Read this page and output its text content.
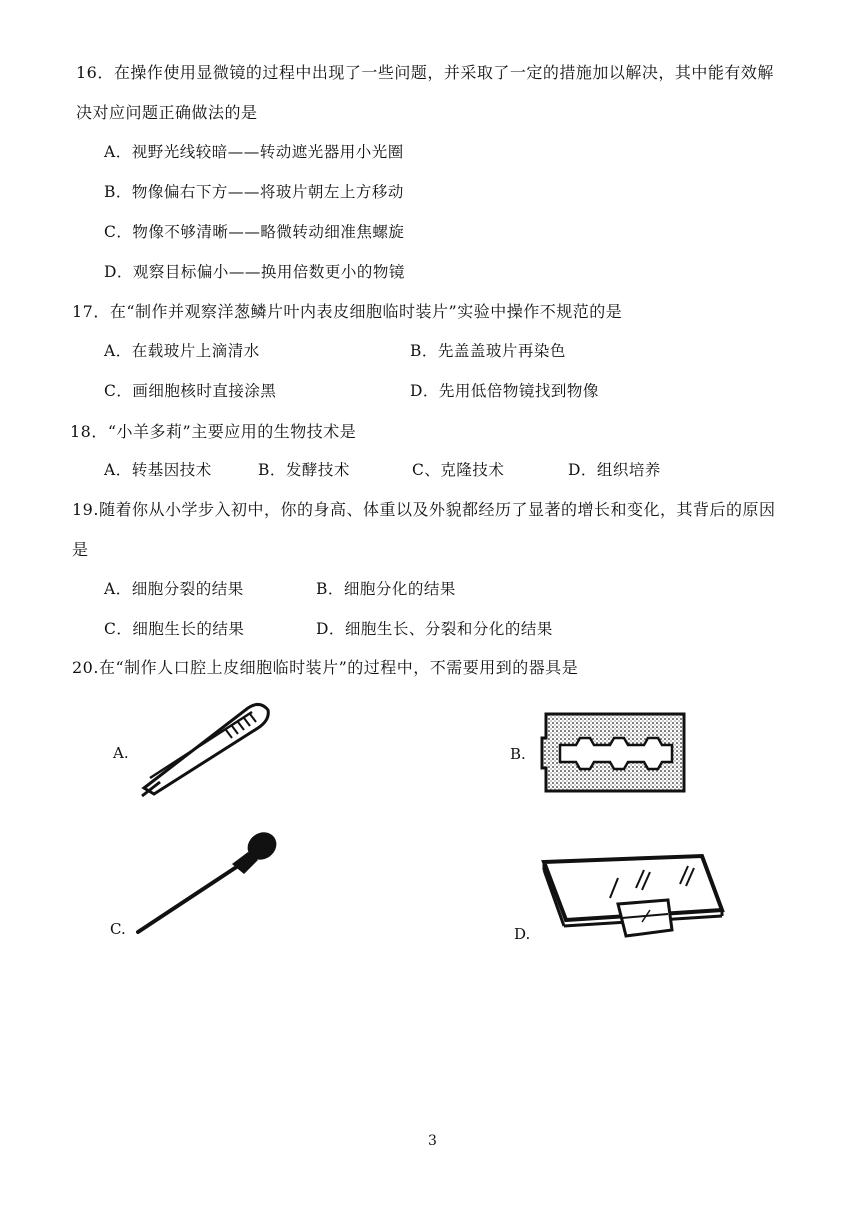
16．在操作使用显微镜的过程中出现了一些问题，并采取了一定的措施加以解决，其中能有效解
决对应问题正确做法的是
A．视野光线较暗——转动遮光器用小光圈
B．物像偏右下方——将玻片朝左上方移动
C．物像不够清晰——略微转动细准焦螺旋
D．观察目标偏小——换用倍数更小的物镜
17．在“制作并观察洋葱鳞片叶内表皮细胞临时装片”实验中操作不规范的是
A．在载玻片上滴清水	B．先盖盖玻片再染色
C．画细胞核时直接涂黑	D．先用低倍物镜找到物像
18．“小羊多莉”主要应用的生物技术是
A．转基因技术	B．发酵技术	C、克隆技术	D．组织培养
19.随着你从小学步入初中，你的身高、体重以及外貌都经历了显著的增长和变化，其背后的原因
是
A．细胞分裂的结果	B．细胞分化的结果
C．细胞生长的结果	D．细胞生长、分裂和分化的结果
20.在“制作人口腔上皮细胞临时装片”的过程中，不需要用到的器具是
A.	B.
C.	D.
3
